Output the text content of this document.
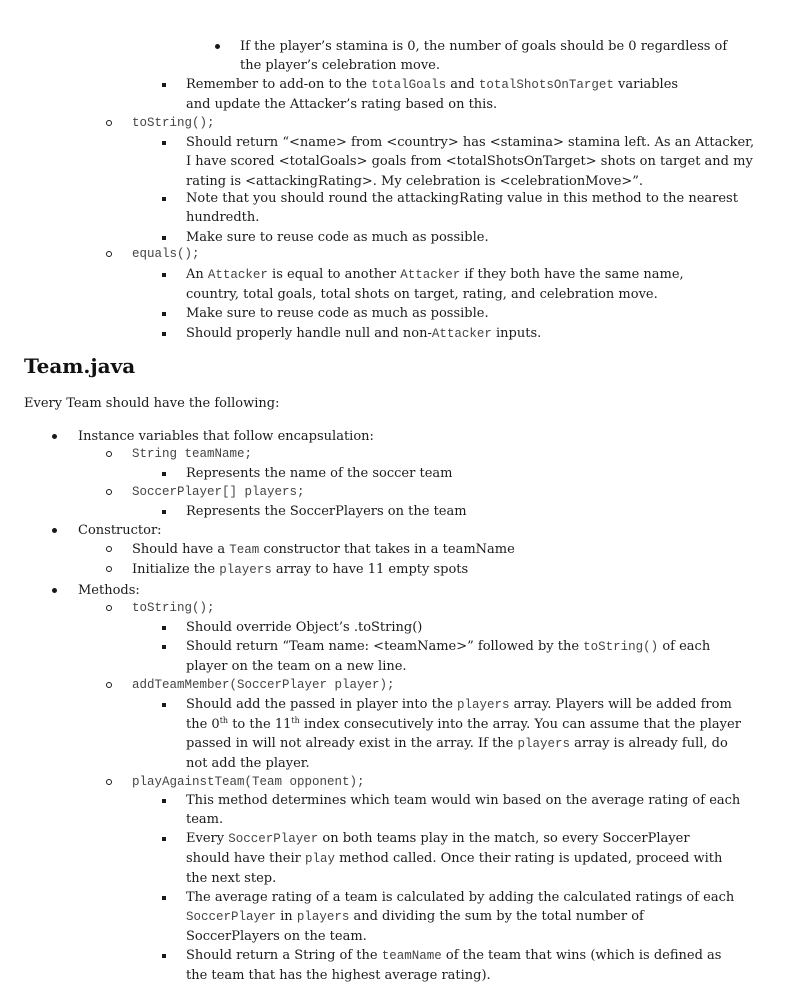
If the player’s stamina is 0, the number of goals should be 0 regardless of
the player’s celebration move.
Remember to add-on to the totalGoals and totalShotsOnTarget variables
and update the Attacker’s rating based on this.
toString();
Should return “<name> from <country> has <stamina> stamina left. As an Attacker,
I have scored <totalGoals> goals from <totalShotsOnTarget> shots on target and my
rating is <attackingRating>. My celebration is <celebrationMove>”.
Note that you should round the attackingRating value in this method to the nearest
hundredth.
Make sure to reuse code as much as possible.
equals();
An Attacker is equal to another Attacker if they both have the same name,
country, total goals, total shots on target, rating, and celebration move.
Make sure to reuse code as much as possible.
Should properly handle null and non-Attacker inputs.
Team.java
Every Team should have the following:
Instance variables that follow encapsulation:
String teamName;
Represents the name of the soccer team
SoccerPlayer[] players;
Represents the SoccerPlayers on the team
Constructor:
Should have a Team constructor that takes in a teamName
Initialize the players array to have 11 empty spots
Methods:
toString();
Should override Object’s .toString()
Should return “Team name: <teamName>” followed by the toString() of each
player on the team on a new line.
addTeamMember(SoccerPlayer player);
Should add the passed in player into the players array. Players will be added from
the 0th to the 11th index consecutively into the array. You can assume that the player
passed in will not already exist in the array. If the players array is already full, do
not add the player.
playAgainstTeam(Team opponent);
This method determines which team would win based on the average rating of each
team.
Every SoccerPlayer on both teams play in the match, so every SoccerPlayer
should have their play method called. Once their rating is updated, proceed with
the next step.
The average rating of a team is calculated by adding the calculated ratings of each
SoccerPlayer in players and dividing the sum by the total number of
SoccerPlayers on the team.
Should return a String of the teamName of the team that wins (which is defined as
the team that has the highest average rating).
